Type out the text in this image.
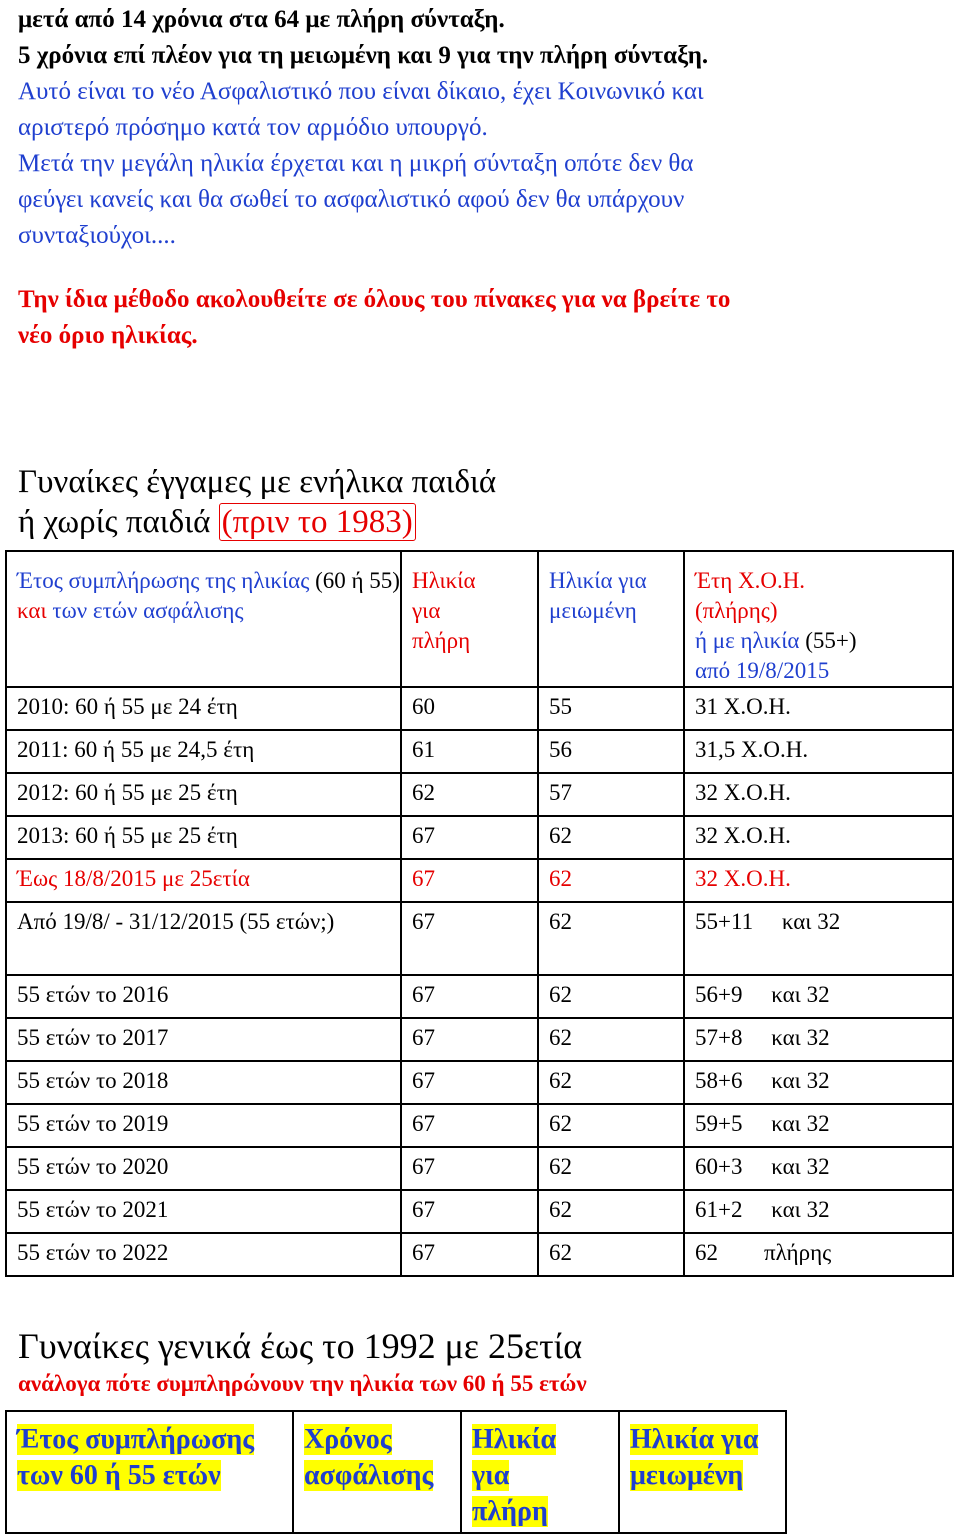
μετά από 14 χρόνια στα 64 με πλήρη σύνταξη.

5 χρόνια επί πλέον για τη μειωμένη και 9 για την πλήρη σύνταξη.

Αυτό είναι το νέο Ασφαλιστικό που είναι δίκαιο, έχει Κοινωνικό και

αριστερό πρόσημο κατά τον αρμόδιο υπουργό.

Μετά την μεγάλη ηλικία έρχεται και η μικρή σύνταξη οπότε δεν θα

φεύγει κανείς και θα σωθεί το ασφαλιστικό αφού δεν θα υπάρχουν

συνταξιούχοι....

Την ίδια μέθοδο ακολουθείτε σε όλους του πίνακες για να βρείτε το

νέο όριο ηλικίας.

Γυναίκες έγγαμες με ενήλικα παιδιά
ή χωρίς παιδιά (πριν το 1983)
Έτος συμπλήρωσης της ηλικίας (60 ή 55) και των ετών ασφάλισης	Ηλικία για πλήρη	Ηλικία για μειωμένη	Έτη Χ.Ο.Η.
(πλήρης)
ή με ηλικία (55+)
από 19/8/2015
2010: 60 ή 55 με 24 έτη	60	55	31 Χ.Ο.Η.
2011: 60 ή 55 με 24,5 έτη	61	56	31,5 Χ.Ο.Η.
2012: 60 ή 55 με 25 έτη	62	57	32 Χ.Ο.Η.
2013: 60 ή 55 με 25 έτη	67	62	32 Χ.Ο.Η.
Έως 18/8/2015 με 25ετία	67	62	32 Χ.Ο.Η.
Από 19/8/ - 31/12/2015 (55 ετών;)	67	62	55+11     και 32
55 ετών το 2016	67	62	56+9     και 32
55 ετών το 2017	67	62	57+8     και 32
55 ετών το 2018	67	62	58+6     και 32
55 ετών το 2019	67	62	59+5     και 32
55 ετών το 2020	67	62	60+3     και 32
55 ετών το 2021	67	62	61+2     και 32
55 ετών το 2022	67	62	62        πλήρης
Γυναίκες γενικά έως το 1992 με 25ετία

ανάλογα πότε συμπληρώνουν την ηλικία των 60 ή 55 ετών

Έτος συμπλήρωσης
των 60 ή 55 ετών	Χρόνος
ασφάλισης	Ηλικία
για
πλήρη	Ηλικία για
μειωμένη
